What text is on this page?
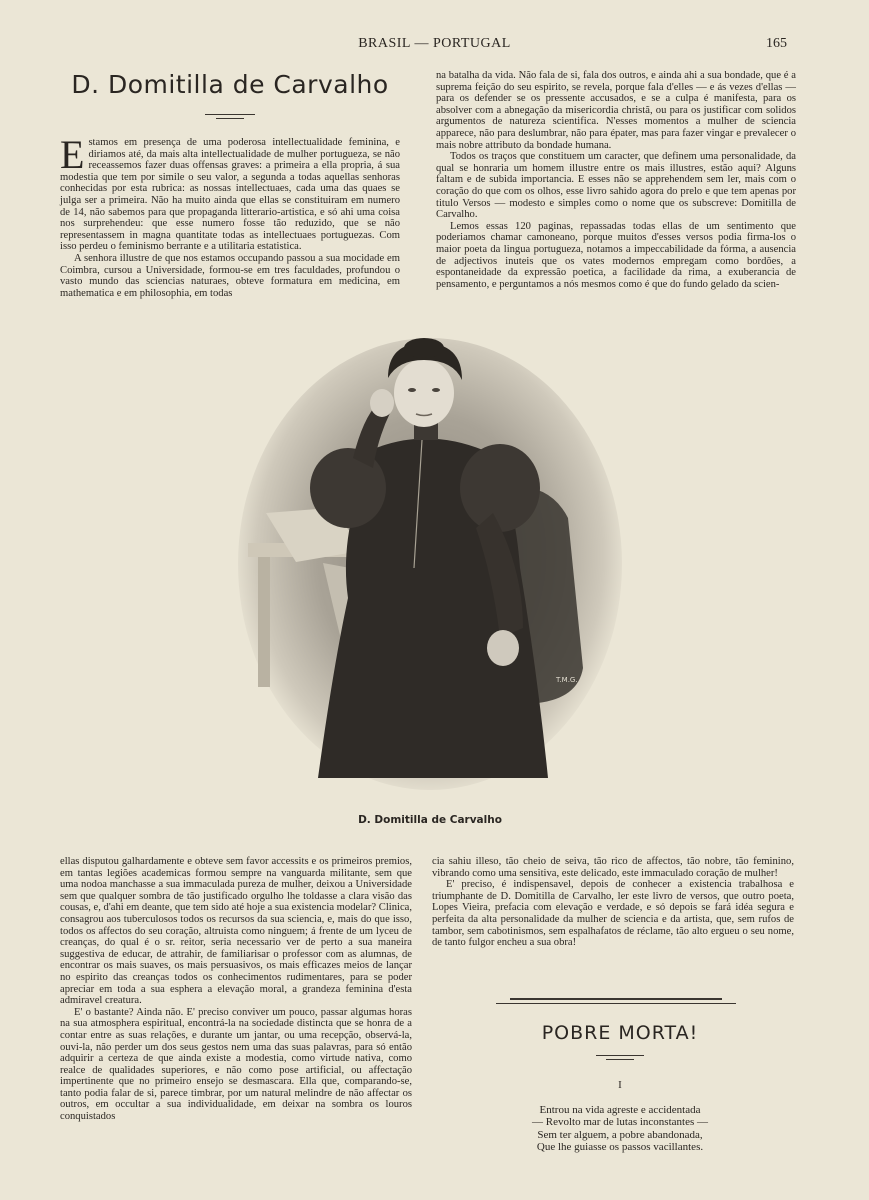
BRASIL — PORTUGAL	165
D. Domitilla de Carvalho

Estamos em presença de uma poderosa intellectualidade feminina, e diriamos até, da mais alta intellectualidade de mulher portugueza, se não receassemos fazer duas offensas graves: a primeira a ella propria, á sua modestia que tem por simile o seu valor, a segunda a todas aquellas senhoras conhecidas por esta rubrica: as nossas intellectuaes, cada uma das quaes se julga ser a primeira. Não ha muito ainda que ellas se constituiram em numero de 14, não sabemos para que propaganda litterario-artistica, e só ahi uma coisa nos surprehendeu: que esse numero fosse tão reduzido, que se não representassem in magna quantitate todas as intellectuaes portuguezas. Com isso perdeu o feminismo berrante e a utilitaria estatistica.

A senhora illustre de que nos estamos occupando passou a sua mocidade em Coimbra, cursou a Universidade, formou-se em tres faculdades, profundou o vasto mundo das sciencias naturaes, obteve formatura em medicina, em mathematica e em philosophia, em todas

na batalha da vida. Não fala de si, fala dos outros, e ainda ahi a sua bondade, que é a suprema feição do seu espirito, se revela, porque fala d'elles — e ás vezes d'ellas — para os defender se os pressente accusados, e se a culpa é manifesta, para os absolver com a abnegação da misericordia christã, ou para os justificar com solidos argumentos de natureza scientifica. N'esses momentos a mulher de sciencia apparece, não para deslumbrar, não para épater, mas para fazer vingar e prevalecer o mais nobre attributo da bondade humana.

Todos os traços que constituem um caracter, que definem uma personalidade, da qual se honraria um homem illustre entre os mais illustres, estão aqui? Alguns faltam e de subida importancia. E esses não se apprehendem sem ler, mais com o coração do que com os olhos, esse livro sahido agora do prelo e que tem apenas por titulo Versos — modesto e simples como o nome que os subscreve: Domitilla de Carvalho.

Lemos essas 120 paginas, repassadas todas ellas de um sentimento que poderiamos chamar camoneano, porque muitos d'esses versos podia firma-los o maior poeta da lingua portugueza, notamos a impeccabilidade da fórma, a ausencia de adjectivos inuteis que os vates modernos empregam como bordões, a espontaneidade da expressão poetica, a facilidade da rima, a exuberancia de pensamento, e perguntamos a nós mesmos como é que do fundo gelado da scien-

T.M.G.
D. Domitilla de Carvalho

ellas disputou galhardamente e obteve sem favor accessits e os primeiros premios, em tantas legiões academicas formou sempre na vanguarda militante, sem que uma nodoa manchasse a sua immaculada pureza de mulher, deixou a Universidade sem que qualquer sombra de tão justificado orgulho lhe toldasse a clara visão das cousas, e, d'ahi em deante, que tem sido até hoje a sua existencia modelar? Clinica, consagrou aos tuberculosos todos os recursos da sua sciencia, e, mais do que isso, todos os affectos do seu coração, altruista como ninguem; á frente de um lyceu de creanças, do qual é o sr. reitor, seria necessario ver de perto a sua maneira suggestiva de educar, de attrahir, de familiarisar o professor com as alumnas, de encontrar os mais suaves, os mais persuasivos, os mais efficazes meios de lançar no espirito das creanças todos os conhecimentos rudimentares, para se poder apreciar em toda a sua esphera a elevação moral, a grandeza feminina d'esta admiravel creatura.

E' o bastante? Ainda não. E' preciso conviver um pouco, passar algumas horas na sua atmosphera espiritual, encontrá-la na sociedade distincta que se honra de a contar entre as suas relações, e durante um jantar, ou uma recepção, observá-la, ouvi-la, não perder um dos seus gestos nem uma das suas palavras, para só então adquirir a certeza de que ainda existe a modestia, como virtude nativa, como realce de qualidades superiores, e não como pose artificial, ou affectação impertinente que no primeiro ensejo se desmascara. Ella que, comparando-se, tanto podia falar de si, parece timbrar, por um natural melindre de não affectar os outros, em occultar a sua individualidade, em deixar na sombra os louros conquistados

cia sahiu illeso, tão cheio de seiva, tão rico de affectos, tão nobre, tão feminino, vibrando como uma sensitiva, este delicado, este immaculado coração de mulher!

E' preciso, é indispensavel, depois de conhecer a existencia trabalhosa e triumphante de D. Domitilla de Carvalho, ler este livro de versos, que outro poeta, Lopes Vieira, prefacia com elevação e verdade, e só depois se fará idéa segura e perfeita da alta personalidade da mulher de sciencia e da artista, que, sem rufos de tambor, sem cabotinismos, sem espalhafatos de réclame, tão alto ergueu o seu nome, de tanto fulgor encheu a sua obra!

POBRE MORTA!
I
Entrou na vida agreste e accidentada
— Revolto mar de lutas inconstantes —
Sem ter alguem, a pobre abandonada,
Que lhe guiasse os passos vacillantes.
